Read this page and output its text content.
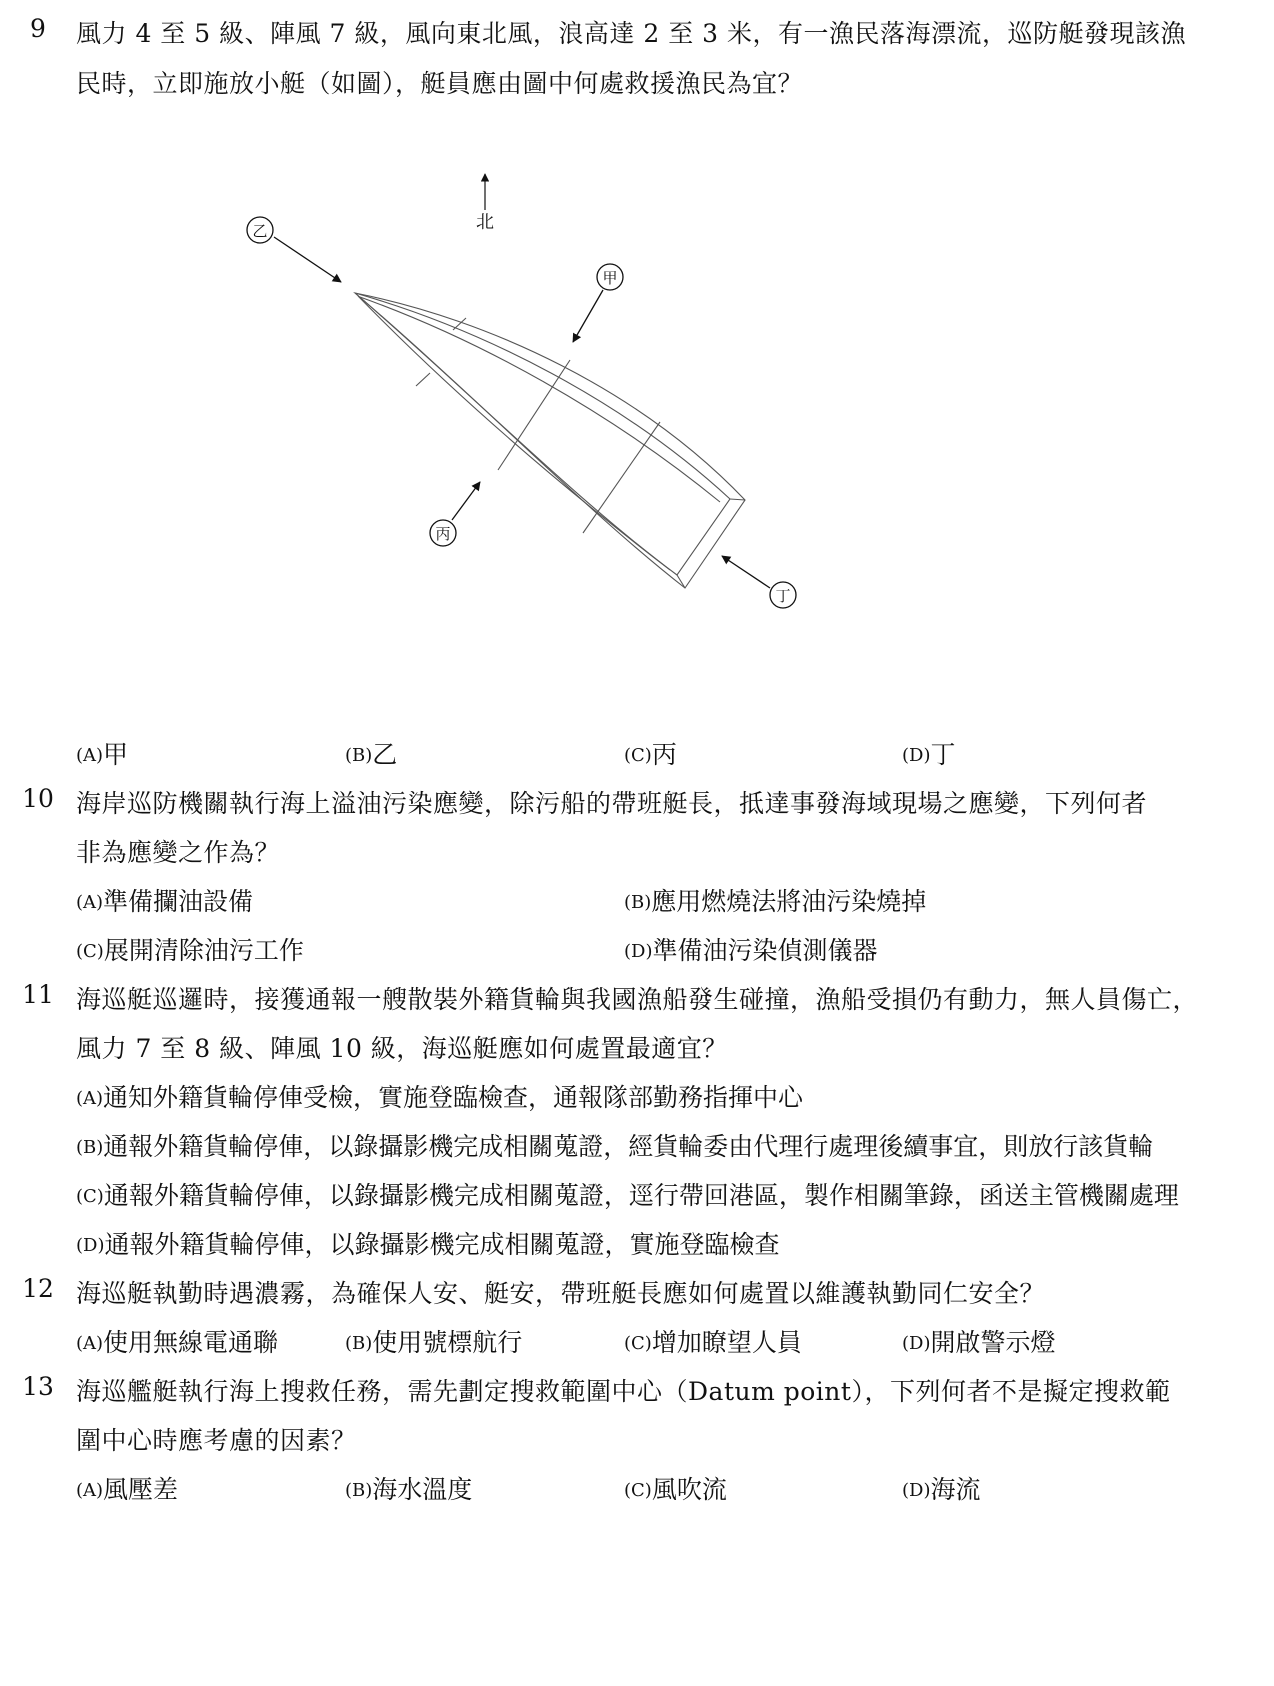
9	風力 4 至 5 級、陣風 7 級，風向東北風，浪高達 2 至 3 米，有一漁民落海漂流，巡防艇發現該漁
民時，立即施放小艇（如圖），艇員應由圖中何處救援漁民為宜？
北
甲
乙
丙
丁
(A)甲	(B)乙	(C)丙	(D)丁
10 海岸巡防機關執行海上溢油污染應變，除污船的帶班艇長，抵達事發海域現場之應變，下列何者
非為應變之作為？
(A)準備攔油設備	(B)應用燃燒法將油污染燒掉
(C)展開清除油污工作	(D)準備油污染偵測儀器
11 海巡艇巡邏時，接獲通報一艘散裝外籍貨輪與我國漁船發生碰撞，漁船受損仍有動力，無人員傷亡，
風力 7 至 8 級、陣風 10 級，海巡艇應如何處置最適宜？
(A)通知外籍貨輪停俥受檢，實施登臨檢查，通報隊部勤務指揮中心
(B)通報外籍貨輪停俥，以錄攝影機完成相關蒐證，經貨輪委由代理行處理後續事宜，則放行該貨輪
(C)通報外籍貨輪停俥，以錄攝影機完成相關蒐證，逕行帶回港區，製作相關筆錄，函送主管機關處理
(D)通報外籍貨輪停俥，以錄攝影機完成相關蒐證，實施登臨檢查
12 海巡艇執勤時遇濃霧，為確保人安、艇安，帶班艇長應如何處置以維護執勤同仁安全？
(A)使用無線電通聯	(B)使用號標航行	(C)增加瞭望人員	(D)開啟警示燈
13 海巡艦艇執行海上搜救任務，需先劃定搜救範圍中心（Datum point），下列何者不是擬定搜救範
圍中心時應考慮的因素？
(A)風壓差	(B)海水溫度	(C)風吹流	(D)海流
